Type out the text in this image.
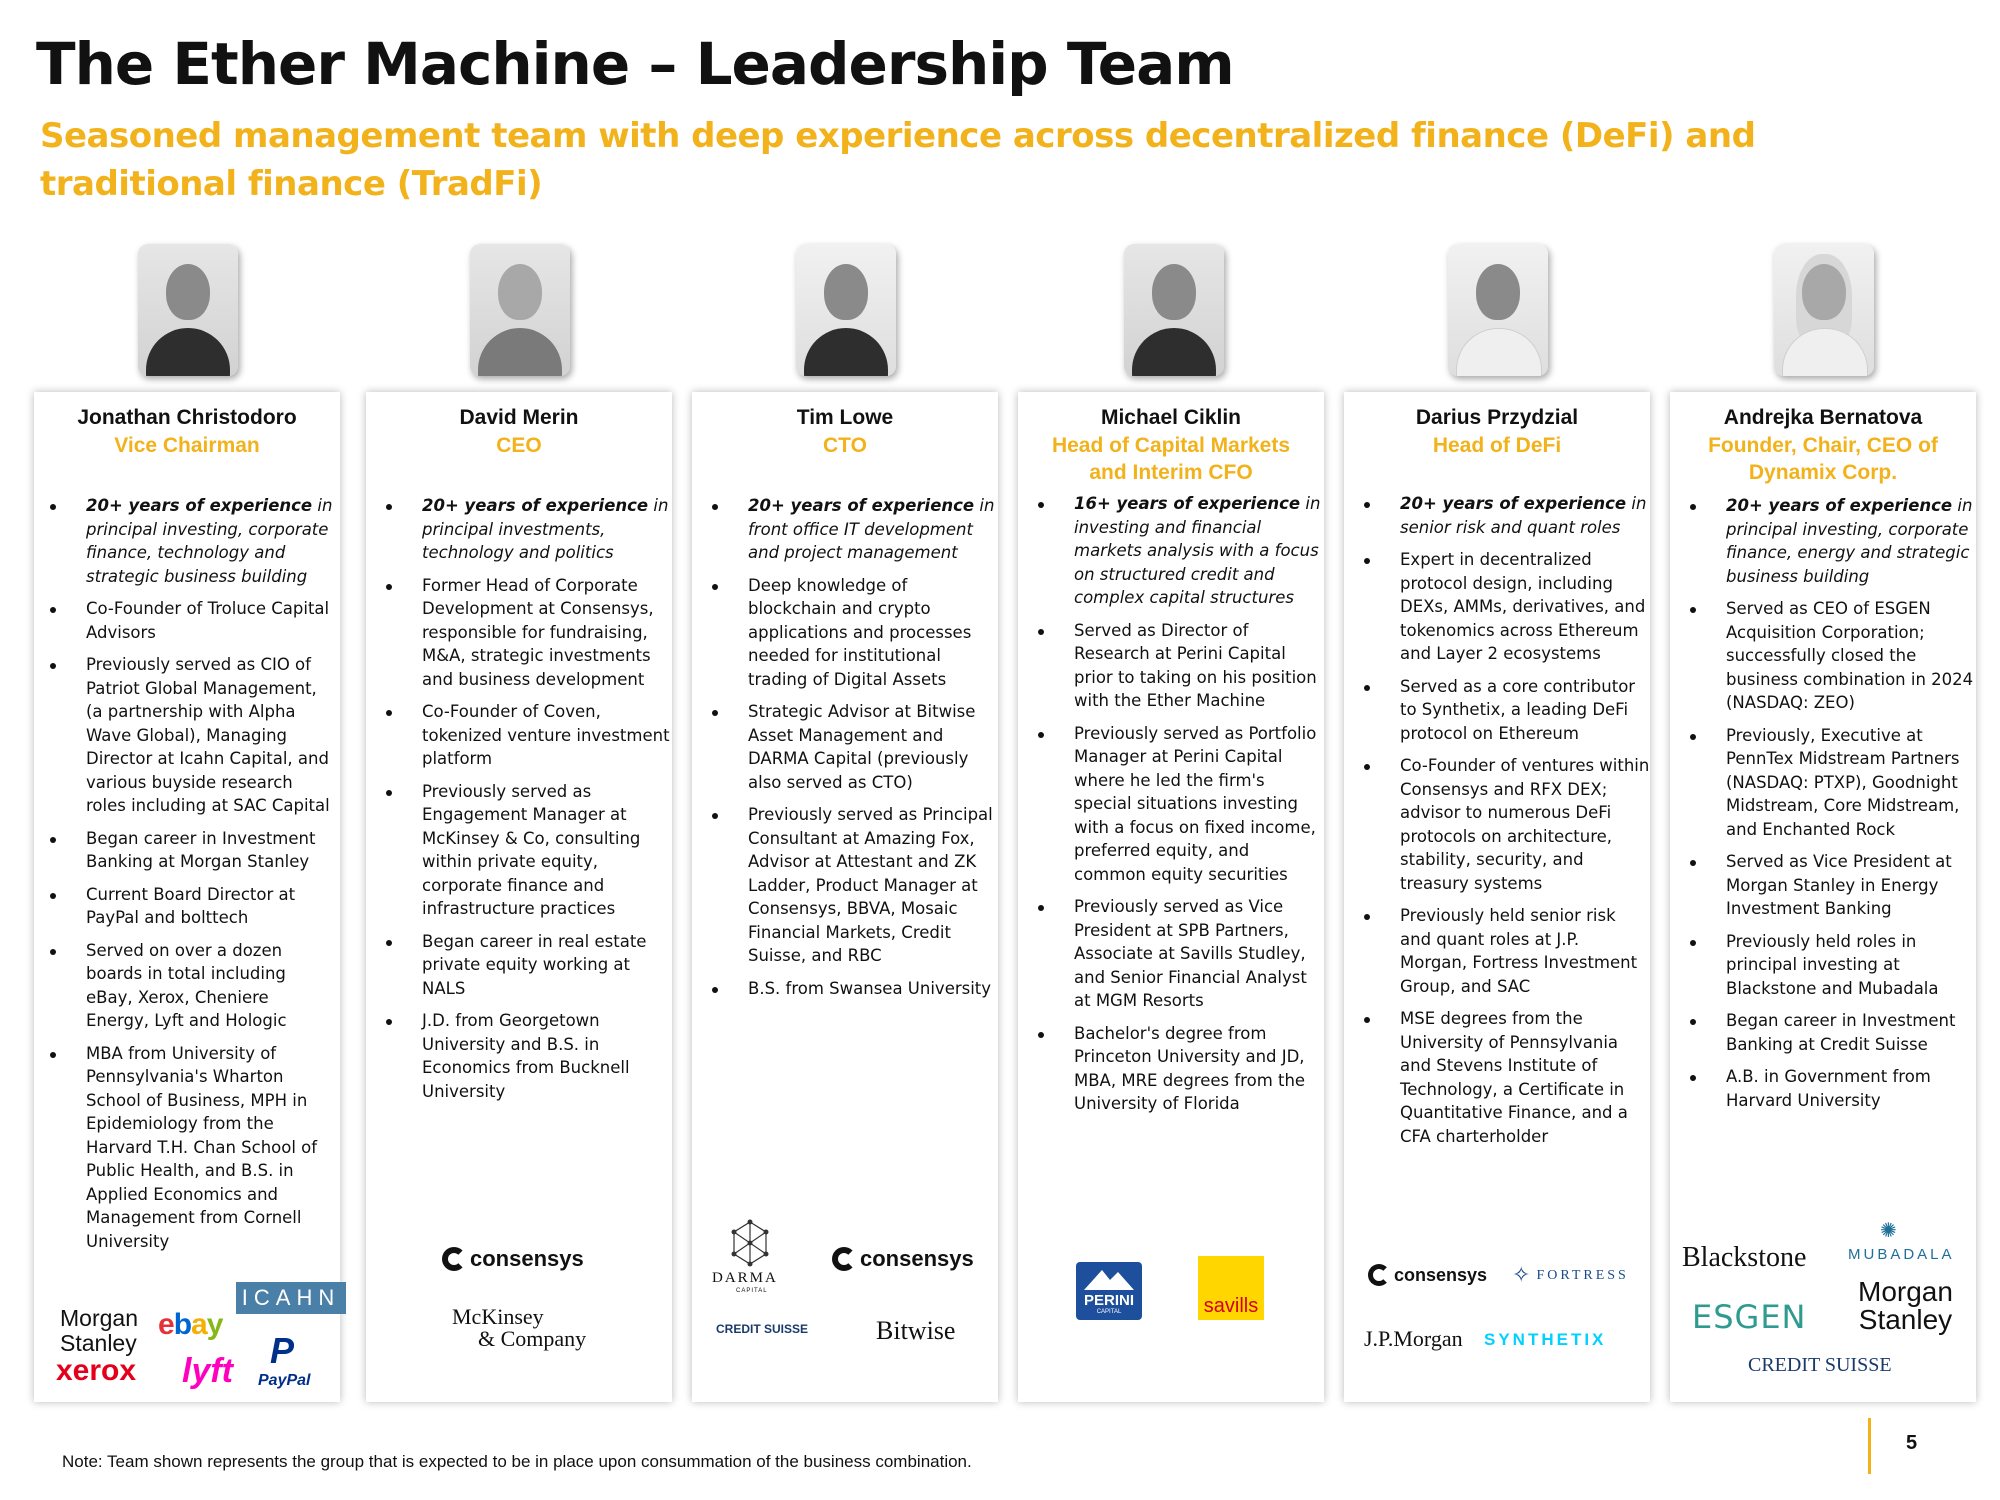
The Ether Machine – Leadership Team

Seasoned management team with deep experience across decentralized finance (DeFi) and traditional finance (TradFi)

Jonathan Christodoro
Vice Chairman
20+ years of experience in principal investing, corporate finance, technology and strategic business building
Co-Founder of Troluce Capital Advisors
Previously served as CIO of Patriot Global Management, (a partnership with Alpha Wave Global), Managing Director at Icahn Capital, and various buyside research roles including at SAC Capital
Began career in Investment Banking at Morgan Stanley
Current Board Director at PayPal and bolttech
Served on over a dozen boards in total including eBay, Xerox, Cheniere Energy, Lyft and Hologic
MBA from University of Pennsylvania's Wharton School of Business, MPH in Epidemiology from the Harvard T.H. Chan School of Public Health, and B.S. in Applied Economics and Management from Cornell University
ICAHN
Morgan
Stanley
ebay
xerox lyft P
PayPal
David Merin
CEO
20+ years of experience in principal investments, technology and politics
Former Head of Corporate Development at Consensys, responsible for fundraising, M&A, strategic investments and business development
Co-Founder of Coven, tokenized venture investment platform
Previously served as Engagement Manager at McKinsey & Co, consulting within private equity, corporate finance and infrastructure practices
Began career in real estate private equity working at NALS
J.D. from Georgetown University and B.S. in Economics from Bucknell University
consensys
McKinsey
& Company
Tim Lowe
CTO
20+ years of experience in front office IT development and project management
Deep knowledge of blockchain and crypto applications and processes needed for institutional trading of Digital Assets
Strategic Advisor at Bitwise Asset Management and DARMA Capital (previously also served as CTO)
Previously served as Principal Consultant at Amazing Fox, Advisor at Attestant and ZK Ladder, Product Manager at Consensys, BBVA, Mosaic Financial Markets, Credit Suisse, and RBC
B.S. from Swansea University
DARMA
CAPITAL
consensys
CREDIT SUISSE	Bitwise
Michael Ciklin
Head of Capital Markets and Interim CFO
16+ years of experience in investing and financial markets analysis with a focus on structured credit and complex capital structures
Served as Director of Research at Perini Capital prior to taking on his position with the Ether Machine
Previously served as Portfolio Manager at Perini Capital where he led the firm's special situations investing with a focus on fixed income, preferred equity, and common equity securities
Previously served as Vice President at SPB Partners, Associate at Savills Studley, and Senior Financial Analyst at MGM Resorts
Bachelor's degree from Princeton University and JD, MBA, MRE degrees from the University of Florida
PERINI
CAPITAL	savills
Darius Przydzial
Head of DeFi
20+ years of experience in senior risk and quant roles
Expert in decentralized protocol design, including DEXs, AMMs, derivatives, and tokenomics across Ethereum and Layer 2 ecosystems
Served as a core contributor to Synthetix, a leading DeFi protocol on Ethereum
Co-Founder of ventures within Consensys and RFX DEX; advisor to numerous DeFi protocols on architecture, stability, security, and treasury systems
Previously held senior risk and quant roles at J.P. Morgan, Fortress Investment Group, and SAC
MSE degrees from the University of Pennsylvania and Stevens Institute of Technology, a Certificate in Quantitative Finance, and a CFA charterholder
consensys ✧ FORTRESS
J.P.Morgan SYNTHETIX
Andrejka Bernatova
Founder, Chair, CEO of Dynamix Corp.
20+ years of experience in principal investing, corporate finance, energy and strategic business building
Served as CEO of ESGEN Acquisition Corporation; successfully closed the business combination in 2024 (NASDAQ: ZEO)
Previously, Executive at PennTex Midstream Partners (NASDAQ: PTXP), Goodnight Midstream, Core Midstream, and Enchanted Rock
Served as Vice President at Morgan Stanley in Energy Investment Banking
Previously held roles in principal investing at Blackstone and Mubadala
Began career in Investment Banking at Credit Suisse
A.B. in Government from Harvard University
Blackstone
✺
MUBADALA
ESGEN
Morgan
Stanley
CREDIT SUISSE
Note: Team shown represents the group that is expected to be in place upon consummation of the business combination.
5
